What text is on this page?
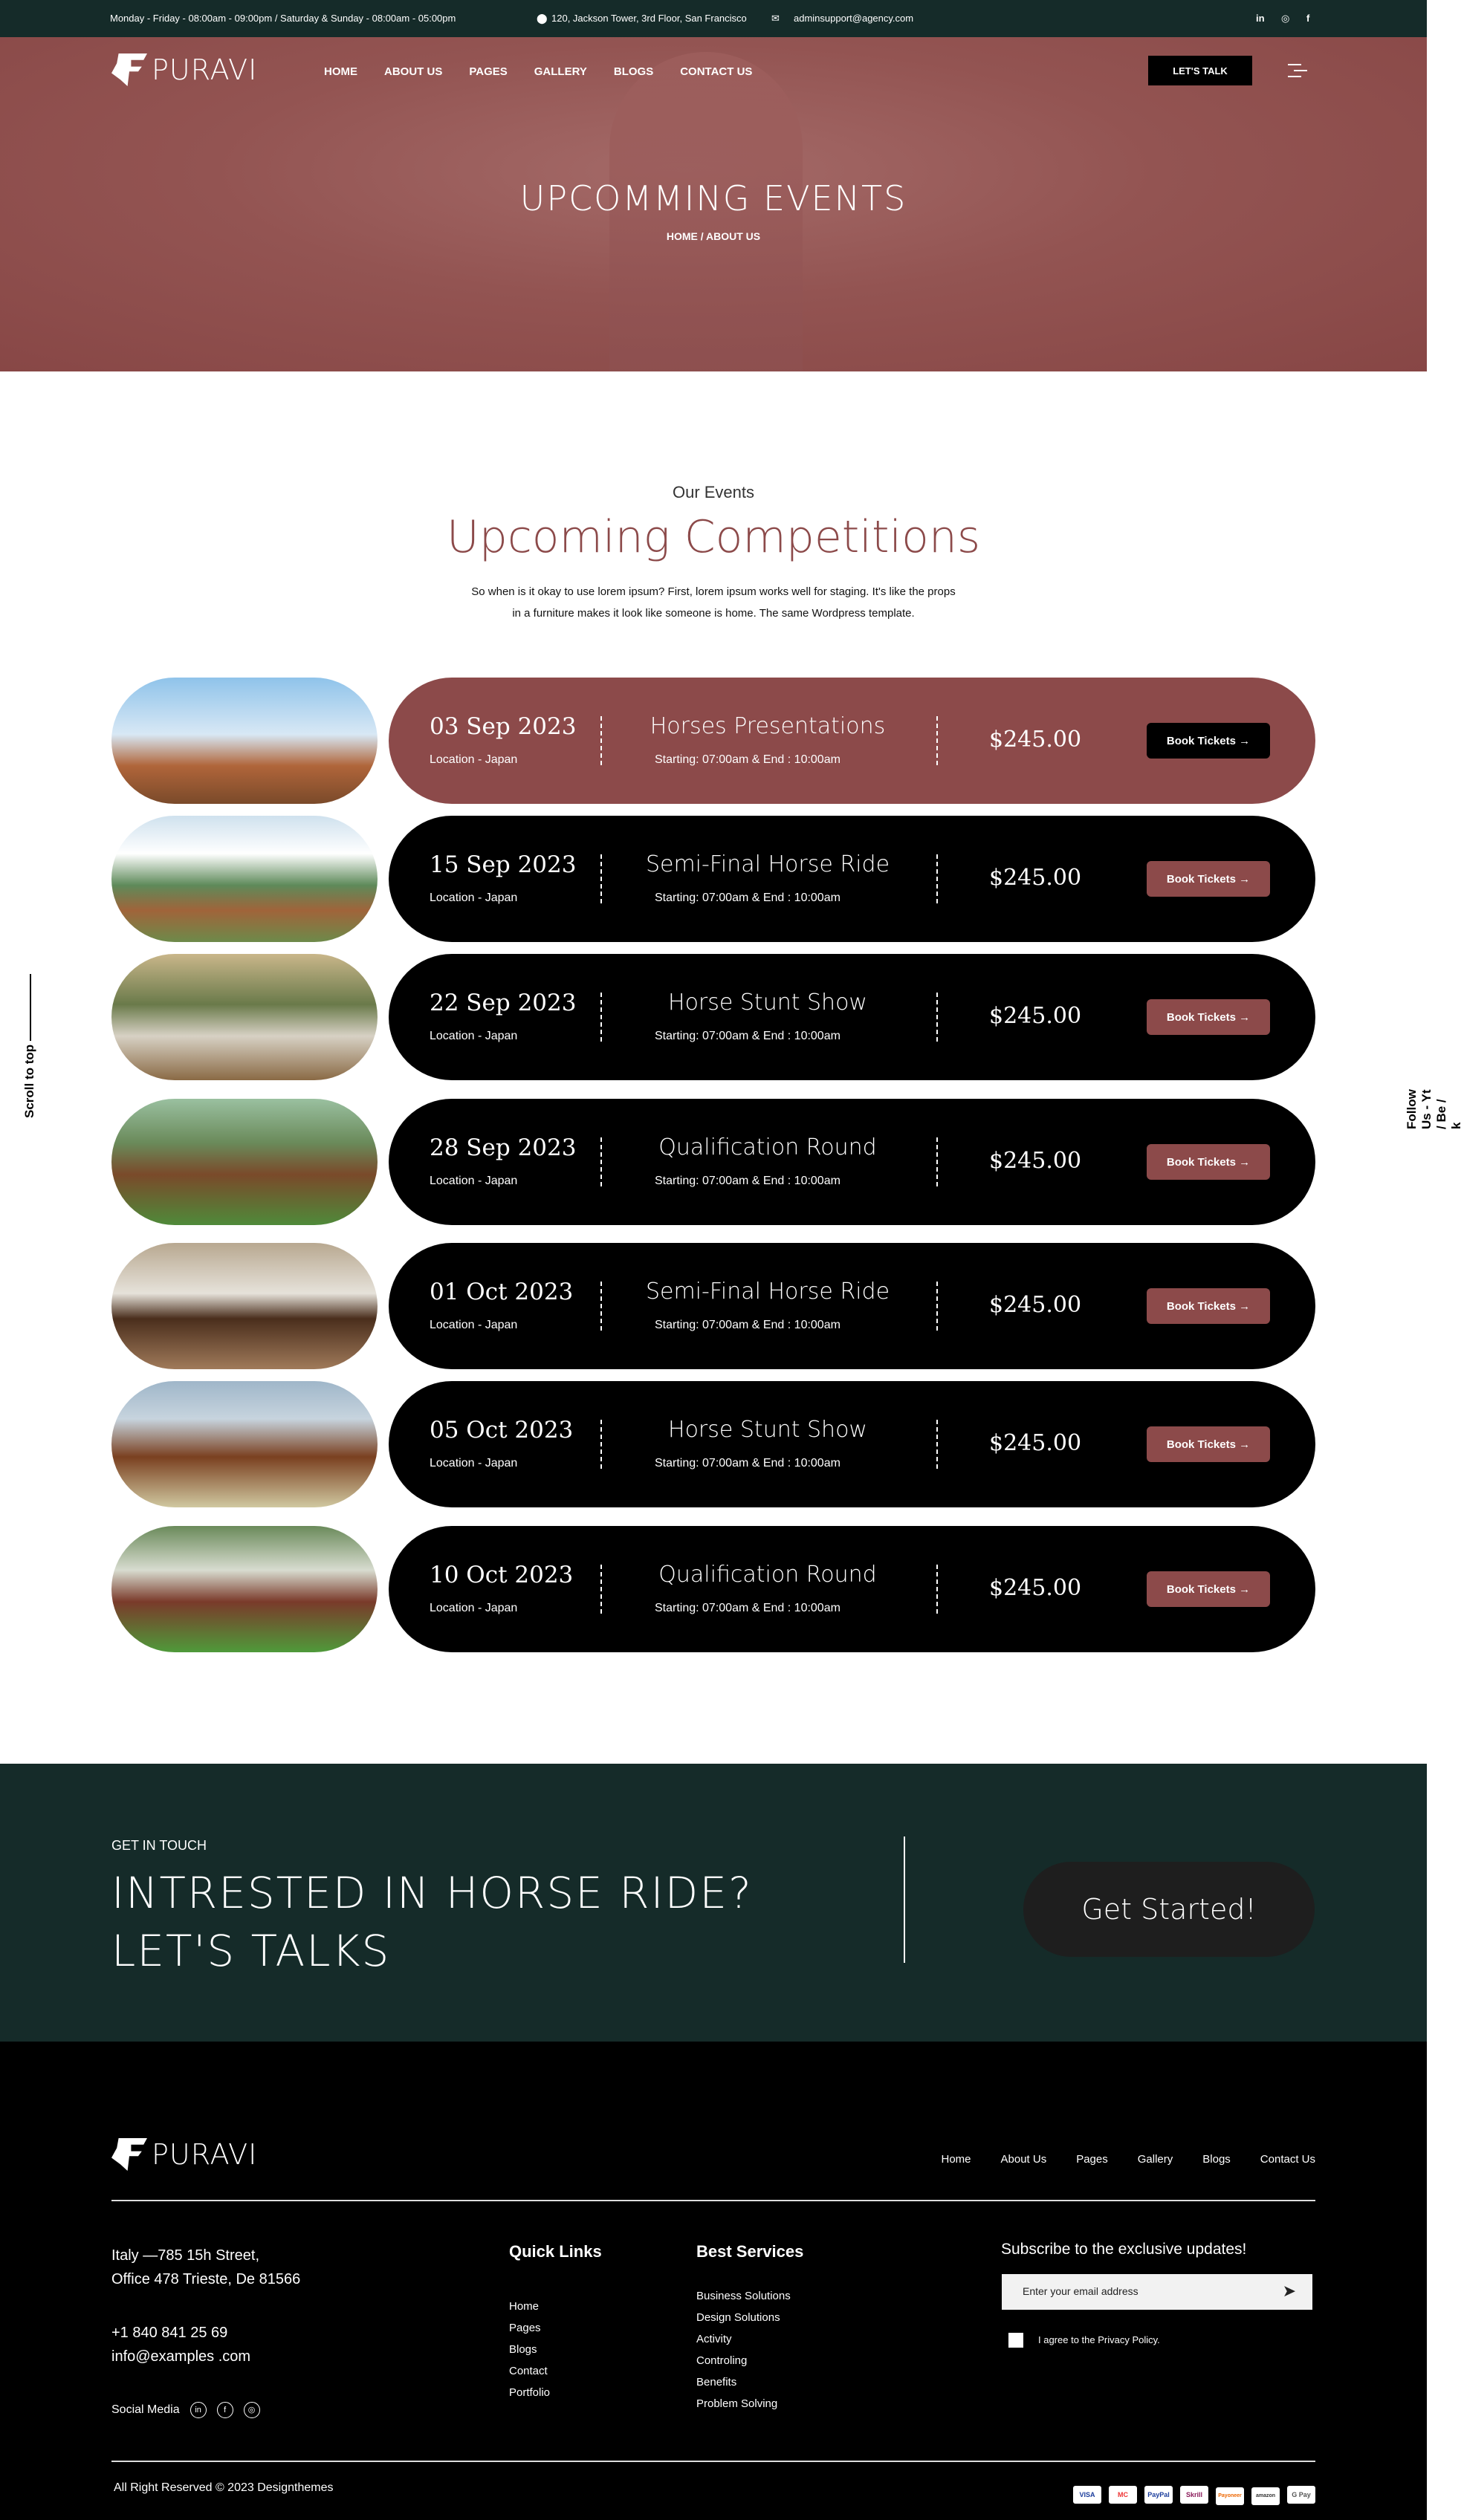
Monday - Friday - 08:00am - 09:00pm / Saturday & Sunday - 08:00am - 05:00pm	⬤ 120, Jackson Tower, 3rd Floor, San Francisco	✉ adminsupport@agency.com	in ◎ f
PURAVI	HOME ABOUT US PAGES GALLERY BLOGS CONTACT US	LET'S TALK
UPCOMMING EVENTS
HOME / ABOUT US
Our Events
Upcoming Competitions
So when is it okay to use lorem ipsum? First, lorem ipsum works well for staging. It's like the props
in a furniture makes it look like someone is home. The same Wordpress template.
03 Sep 2023
Location - Japan
Horses Presentations
Starting: 07:00am & End : 10:00am
$245.00	Book Tickets →
15 Sep 2023
Location - Japan
Semi-Final Horse Ride
Starting: 07:00am & End : 10:00am
$245.00	Book Tickets →
22 Sep 2023
Location - Japan
Horse Stunt Show
Starting: 07:00am & End : 10:00am
$245.00	Book Tickets →
28 Sep 2023
Location - Japan
Qualification Round
Starting: 07:00am & End : 10:00am
$245.00	Book Tickets →
01 Oct 2023
Location - Japan
Semi-Final Horse Ride
Starting: 07:00am & End : 10:00am
$245.00	Book Tickets →
05 Oct 2023
Location - Japan
Horse Stunt Show
Starting: 07:00am & End : 10:00am
$245.00	Book Tickets →
10 Oct 2023
Location - Japan
Qualification Round
Starting: 07:00am & End : 10:00am
$245.00	Book Tickets →
Scroll to top	Follow Us - Yt / Be / k
GET IN TOUCH
INTRESTED IN HORSE RIDE?
LET'S TALKS
Get Started!
PURAVI	Home	About Us	Pages	Gallery	Blogs	Contact Us
Italy —785 15h Street,
Office 478 Trieste, De 81566
+1 840 841 25 69
info@examples .com
Social Media	in	f	◎
Quick Links
Home
Pages
Blogs
Contact
Portfolio
Best Services
Business Solutions
Design Solutions
Activity
Controling
Benefits
Problem Solving
Subscribe to the exclusive updates!
Enter your email address	➤
I agree to the Privacy Policy.
All Right Reserved © 2023 Designthemes
VISA	MC	PayPal Skrill	Payoneer	amazon G Pay
